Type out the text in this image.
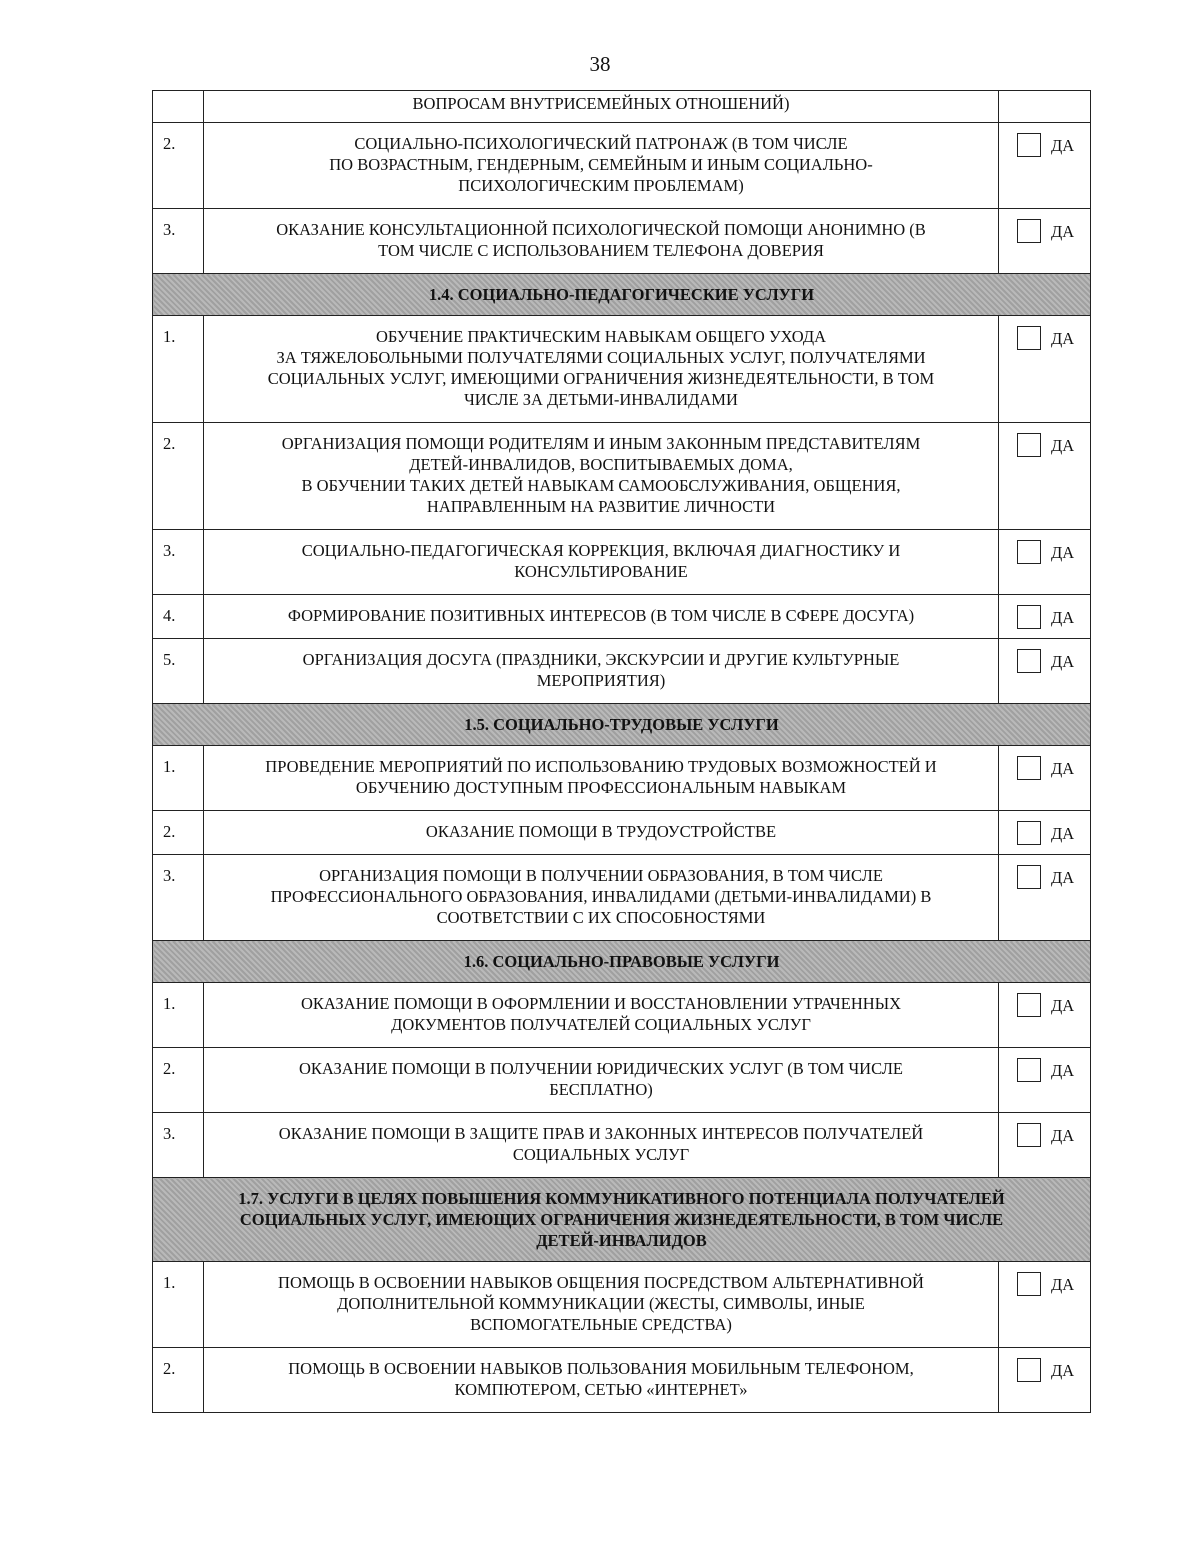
38
	ВОПРОСАМ ВНУТРИСЕМЕЙНЫХ ОТНОШЕНИЙ)	
2.	СОЦИАЛЬНО-ПСИХОЛОГИЧЕСКИЙ ПАТРОНАЖ (В ТОМ ЧИСЛЕ
ПО ВОЗРАСТНЫМ, ГЕНДЕРНЫМ, СЕМЕЙНЫМ И ИНЫМ СОЦИАЛЬНО-
ПСИХОЛОГИЧЕСКИМ ПРОБЛЕМАМ)	ДА
3.	ОКАЗАНИЕ КОНСУЛЬТАЦИОННОЙ ПСИХОЛОГИЧЕСКОЙ ПОМОЩИ АНОНИМНО (В
ТОМ ЧИСЛЕ С ИСПОЛЬЗОВАНИЕМ ТЕЛЕФОНА ДОВЕРИЯ	ДА
1.4. СОЦИАЛЬНО-ПЕДАГОГИЧЕСКИЕ УСЛУГИ		
1.	ОБУЧЕНИЕ ПРАКТИЧЕСКИМ НАВЫКАМ ОБЩЕГО УХОДА
ЗА ТЯЖЕЛОБОЛЬНЫМИ ПОЛУЧАТЕЛЯМИ СОЦИАЛЬНЫХ УСЛУГ, ПОЛУЧАТЕЛЯМИ
СОЦИАЛЬНЫХ УСЛУГ, ИМЕЮЩИМИ ОГРАНИЧЕНИЯ ЖИЗНЕДЕЯТЕЛЬНОСТИ, В ТОМ
ЧИСЛЕ ЗА ДЕТЬМИ-ИНВАЛИДАМИ	ДА
2.	ОРГАНИЗАЦИЯ ПОМОЩИ РОДИТЕЛЯМ И ИНЫМ ЗАКОННЫМ ПРЕДСТАВИТЕЛЯМ
ДЕТЕЙ-ИНВАЛИДОВ, ВОСПИТЫВАЕМЫХ ДОМА,
В ОБУЧЕНИИ ТАКИХ ДЕТЕЙ НАВЫКАМ САМООБСЛУЖИВАНИЯ, ОБЩЕНИЯ,
НАПРАВЛЕННЫМ НА РАЗВИТИЕ ЛИЧНОСТИ	ДА
3.	СОЦИАЛЬНО-ПЕДАГОГИЧЕСКАЯ КОРРЕКЦИЯ, ВКЛЮЧАЯ ДИАГНОСТИКУ И
КОНСУЛЬТИРОВАНИЕ	ДА
4.	ФОРМИРОВАНИЕ ПОЗИТИВНЫХ ИНТЕРЕСОВ (В ТОМ ЧИСЛЕ В СФЕРЕ ДОСУГА)	ДА
5.	ОРГАНИЗАЦИЯ ДОСУГА (ПРАЗДНИКИ, ЭКСКУРСИИ И ДРУГИЕ КУЛЬТУРНЫЕ
МЕРОПРИЯТИЯ)	ДА
1.5. СОЦИАЛЬНО-ТРУДОВЫЕ УСЛУГИ		
1.	ПРОВЕДЕНИЕ МЕРОПРИЯТИЙ ПО ИСПОЛЬЗОВАНИЮ ТРУДОВЫХ ВОЗМОЖНОСТЕЙ И
ОБУЧЕНИЮ ДОСТУПНЫМ ПРОФЕССИОНАЛЬНЫМ НАВЫКАМ	ДА
2.	ОКАЗАНИЕ ПОМОЩИ В ТРУДОУСТРОЙСТВЕ	ДА
3.	ОРГАНИЗАЦИЯ ПОМОЩИ В ПОЛУЧЕНИИ ОБРАЗОВАНИЯ, В ТОМ ЧИСЛЕ
ПРОФЕССИОНАЛЬНОГО ОБРАЗОВАНИЯ, ИНВАЛИДАМИ (ДЕТЬМИ-ИНВАЛИДАМИ) В
СООТВЕТСТВИИ С ИХ СПОСОБНОСТЯМИ	ДА
1.6. СОЦИАЛЬНО-ПРАВОВЫЕ УСЛУГИ		
1.	ОКАЗАНИЕ ПОМОЩИ В ОФОРМЛЕНИИ И ВОССТАНОВЛЕНИИ УТРАЧЕННЫХ
ДОКУМЕНТОВ ПОЛУЧАТЕЛЕЙ СОЦИАЛЬНЫХ УСЛУГ	ДА
2.	ОКАЗАНИЕ ПОМОЩИ В ПОЛУЧЕНИИ ЮРИДИЧЕСКИХ УСЛУГ (В ТОМ ЧИСЛЕ
БЕСПЛАТНО)	ДА
3.	ОКАЗАНИЕ ПОМОЩИ В ЗАЩИТЕ ПРАВ И ЗАКОННЫХ ИНТЕРЕСОВ ПОЛУЧАТЕЛЕЙ
СОЦИАЛЬНЫХ УСЛУГ	ДА

1.7. УСЛУГИ В ЦЕЛЯХ ПОВЫШЕНИЯ КОММУНИКАТИВНОГО ПОТЕНЦИАЛА ПОЛУЧАТЕЛЕЙ
СОЦИАЛЬНЫХ УСЛУГ, ИМЕЮЩИХ ОГРАНИЧЕНИЯ ЖИЗНЕДЕЯТЕЛЬНОСТИ, В ТОМ ЧИСЛЕ
ДЕТЕЙ-ИНВАЛИДОВ		

1.	ПОМОЩЬ В ОСВОЕНИИ НАВЫКОВ ОБЩЕНИЯ ПОСРЕДСТВОМ АЛЬТЕРНАТИВНОЙ
ДОПОЛНИТЕЛЬНОЙ КОММУНИКАЦИИ (ЖЕСТЫ, СИМВОЛЫ, ИНЫЕ
ВСПОМОГАТЕЛЬНЫЕ СРЕДСТВА)	ДА
2.	ПОМОЩЬ В ОСВОЕНИИ НАВЫКОВ ПОЛЬЗОВАНИЯ МОБИЛЬНЫМ ТЕЛЕФОНОМ,
КОМПЮТЕРОМ, СЕТЬЮ «ИНТЕРНЕТ»	ДА
